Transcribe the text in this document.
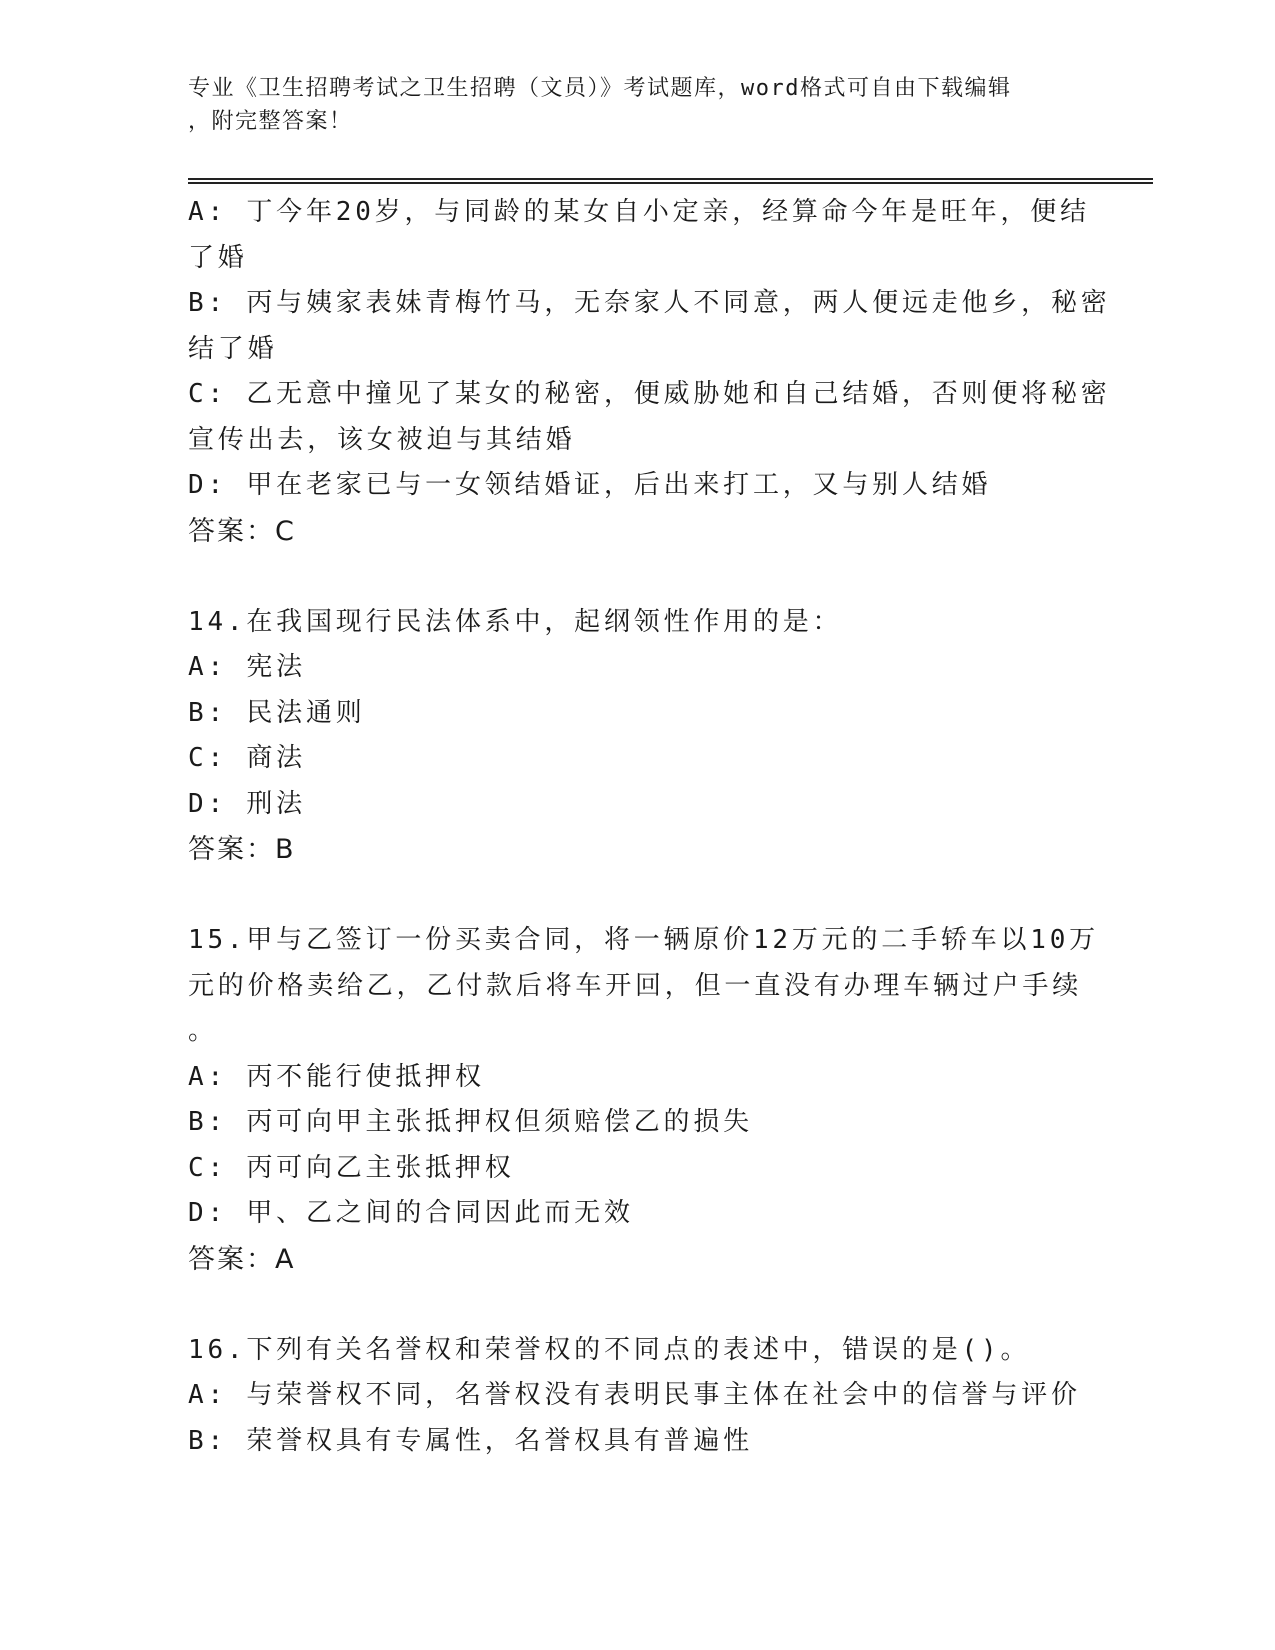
专业《卫生招聘考试之卫生招聘（文员）》考试题库，word格式可自由下载编辑
，附完整答案！
A: 丁今年20岁，与同龄的某女自小定亲，经算命今年是旺年，便结
了婚
B: 丙与姨家表妹青梅竹马，无奈家人不同意，两人便远走他乡，秘密
结了婚
C: 乙无意中撞见了某女的秘密，便威胁她和自己结婚，否则便将秘密
宣传出去，该女被迫与其结婚
D: 甲在老家已与一女领结婚证，后出来打工，又与别人结婚
答案：C
14.在我国现行民法体系中，起纲领性作用的是：
A: 宪法
B: 民法通则
C: 商法
D: 刑法
答案：B
15.甲与乙签订一份买卖合同，将一辆原价12万元的二手轿车以10万
元的价格卖给乙，乙付款后将车开回，但一直没有办理车辆过户手续
。
A: 丙不能行使抵押权
B: 丙可向甲主张抵押权但须赔偿乙的损失
C: 丙可向乙主张抵押权
D: 甲、乙之间的合同因此而无效
答案：A
16.下列有关名誉权和荣誉权的不同点的表述中，错误的是()。
A: 与荣誉权不同，名誉权没有表明民事主体在社会中的信誉与评价
B: 荣誉权具有专属性，名誉权具有普遍性
